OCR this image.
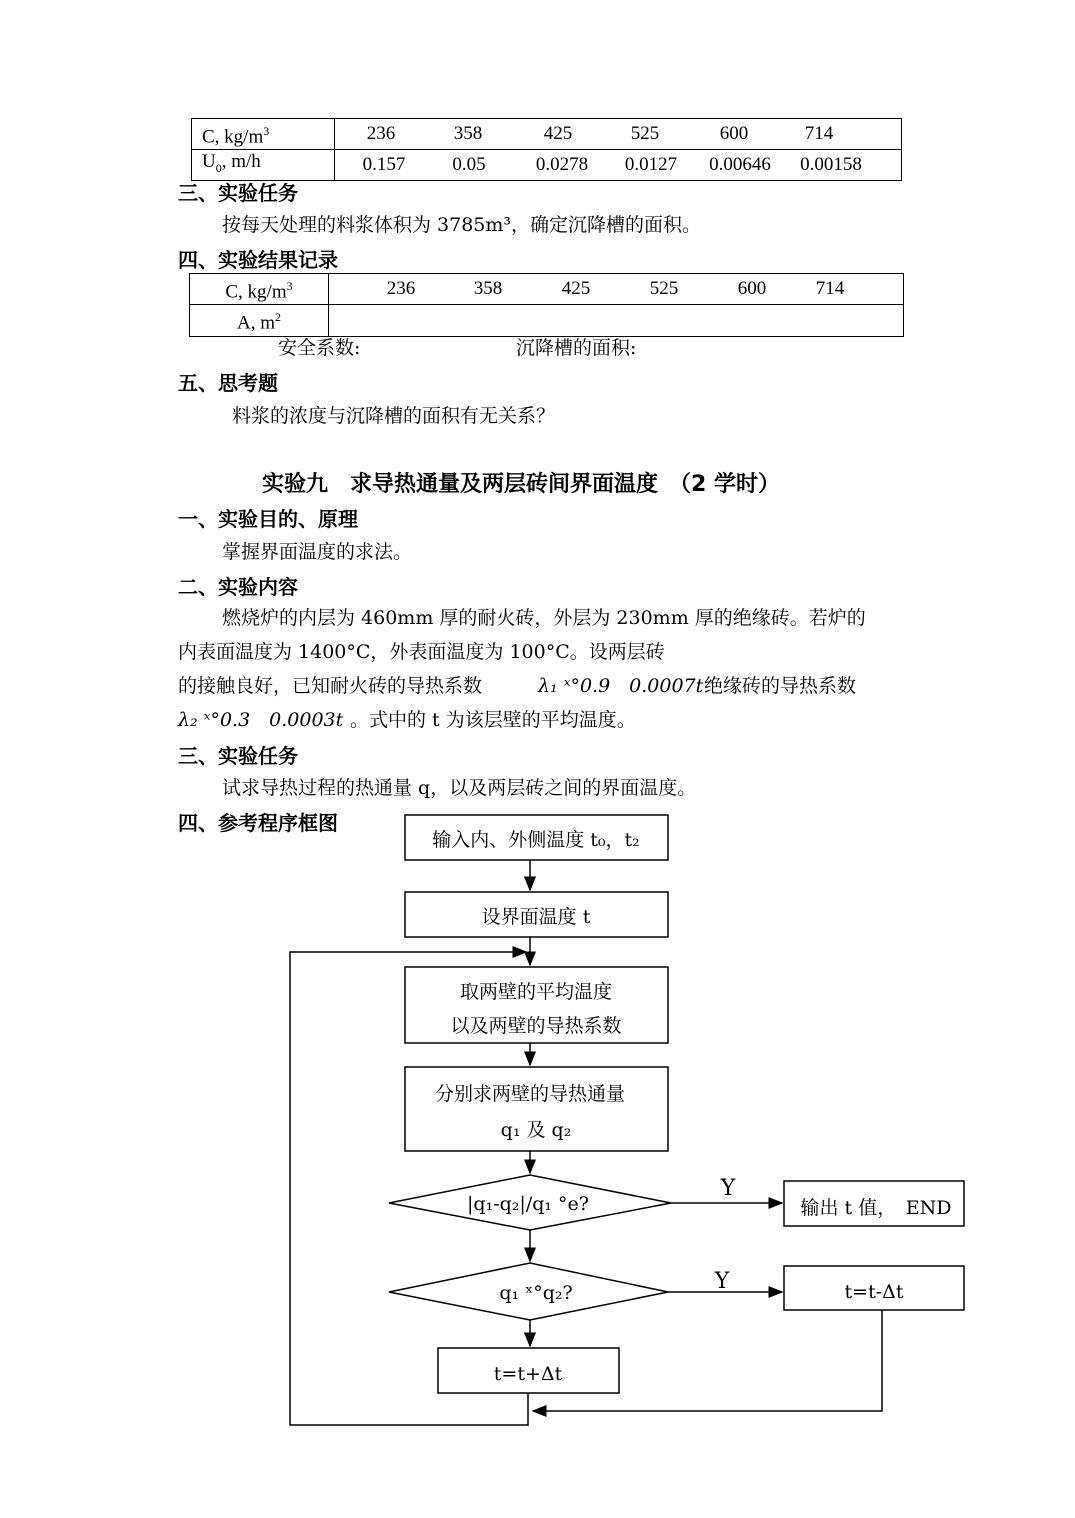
C, $kg/m^3$	236 358 425 525 600 714
$U_0$, m/h	0.157 0.05 0.0278 0.0127 0.00646 0.00158
三、实验任务
按每天处理的料浆体积为 3785m³，确定沉降槽的面积。
四、实验结果记录
C, $kg/m^3$	236 358 425 525 600 714
A, $m^2$	
安全系数:	沉降槽的面积:
五、思考题
料浆的浓度与沉降槽的面积有无关系？
实验九　求导热通量及两层砖间界面温度　（2 学时）
一、实验目的、原理
掌握界面温度的求法。
二、实验内容
燃烧炉的内层为 460mm 厚的耐火砖，外层为 230mm 厚的绝缘砖。若炉的
内表面温度为 1400°C，外表面温度为 100°C。设两层砖
的接触良好，已知耐火砖的导热系数	λ₁ ˣ°0.9　0.0007t 绝缘砖的导热系数
λ₂ ˣ°0.3　0.0003t 。式中的 t 为该层壁的平均温度。
三、实验任务
试求导热过程的热通量 q，以及两层砖之间的界面温度。
四、参考程序框图
输入内、外侧温度 t₀，t₂
设界面温度 t
取两壁的平均温度
以及两壁的导热系数
分别求两壁的导热通量
q₁ 及 q₂
|q₁-q₂|/q₁ °e?
q₁ ˣ°q₂?
Y
Y
输出 t 值，　END
t=t-Δt
t=t+Δt
